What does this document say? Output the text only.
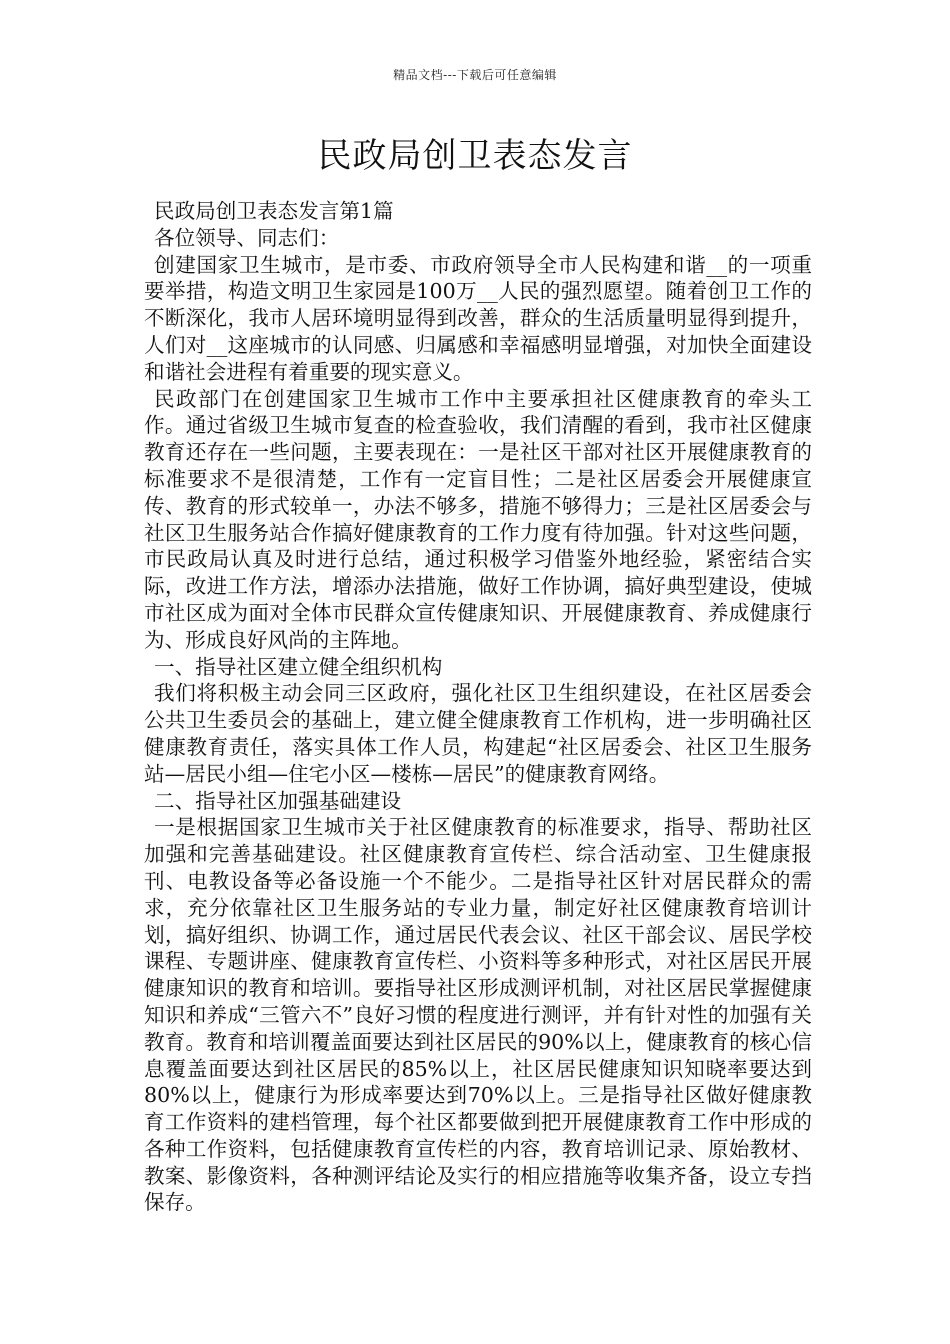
精品文档---下载后可任意编辑
民政局创卫表态发言

民政局创卫表态发言第1篇

各位领导、同志们：

创建国家卫生城市，是市委、市政府领导全市人民构建和谐__的一项重要举措，构造文明卫生家园是100万__人民的强烈愿望。随着创卫工作的不断深化，我市人居环境明显得到改善，群众的生活质量明显得到提升，人们对__这座城市的认同感、归属感和幸福感明显增强，对加快全面建设和谐社会进程有着重要的现实意义。

民政部门在创建国家卫生城市工作中主要承担社区健康教育的牵头工作。通过省级卫生城市复查的检查验收，我们清醒的看到，我市社区健康教育还存在一些问题，主要表现在：一是社区干部对社区开展健康教育的标准要求不是很清楚，工作有一定盲目性；二是社区居委会开展健康宣传、教育的形式较单一，办法不够多，措施不够得力；三是社区居委会与社区卫生服务站合作搞好健康教育的工作力度有待加强。针对这些问题，市民政局认真及时进行总结，通过积极学习借鉴外地经验，紧密结合实际，改进工作方法，增添办法措施，做好工作协调，搞好典型建设，使城市社区成为面对全体市民群众宣传健康知识、开展健康教育、养成健康行为、形成良好风尚的主阵地。

一、指导社区建立健全组织机构

我们将积极主动会同三区政府，强化社区卫生组织建设，在社区居委会公共卫生委员会的基础上，建立健全健康教育工作机构，进一步明确社区健康教育责任，落实具体工作人员，构建起“社区居委会、社区卫生服务站—居民小组—住宅小区—楼栋—居民”的健康教育网络。

二、指导社区加强基础建设

一是根据国家卫生城市关于社区健康教育的标准要求，指导、帮助社区加强和完善基础建设。社区健康教育宣传栏、综合活动室、卫生健康报刊、电教设备等必备设施一个不能少。二是指导社区针对居民群众的需求，充分依靠社区卫生服务站的专业力量，制定好社区健康教育培训计划，搞好组织、协调工作，通过居民代表会议、社区干部会议、居民学校课程、专题讲座、健康教育宣传栏、小资料等多种形式，对社区居民开展健康知识的教育和培训。要指导社区形成测评机制，对社区居民掌握健康知识和养成“三管六不”良好习惯的程度进行测评，并有针对性的加强有关教育。教育和培训覆盖面要达到社区居民的90%以上，健康教育的核心信息覆盖面要达到社区居民的85%以上，社区居民健康知识知晓率要达到80%以上，健康行为形成率要达到70%以上。三是指导社区做好健康教育工作资料的建档管理，每个社区都要做到把开展健康教育工作中形成的各种工作资料，包括健康教育宣传栏的内容，教育培训记录、原始教材、教案、影像资料，各种测评结论及实行的相应措施等收集齐备，设立专挡保存。
